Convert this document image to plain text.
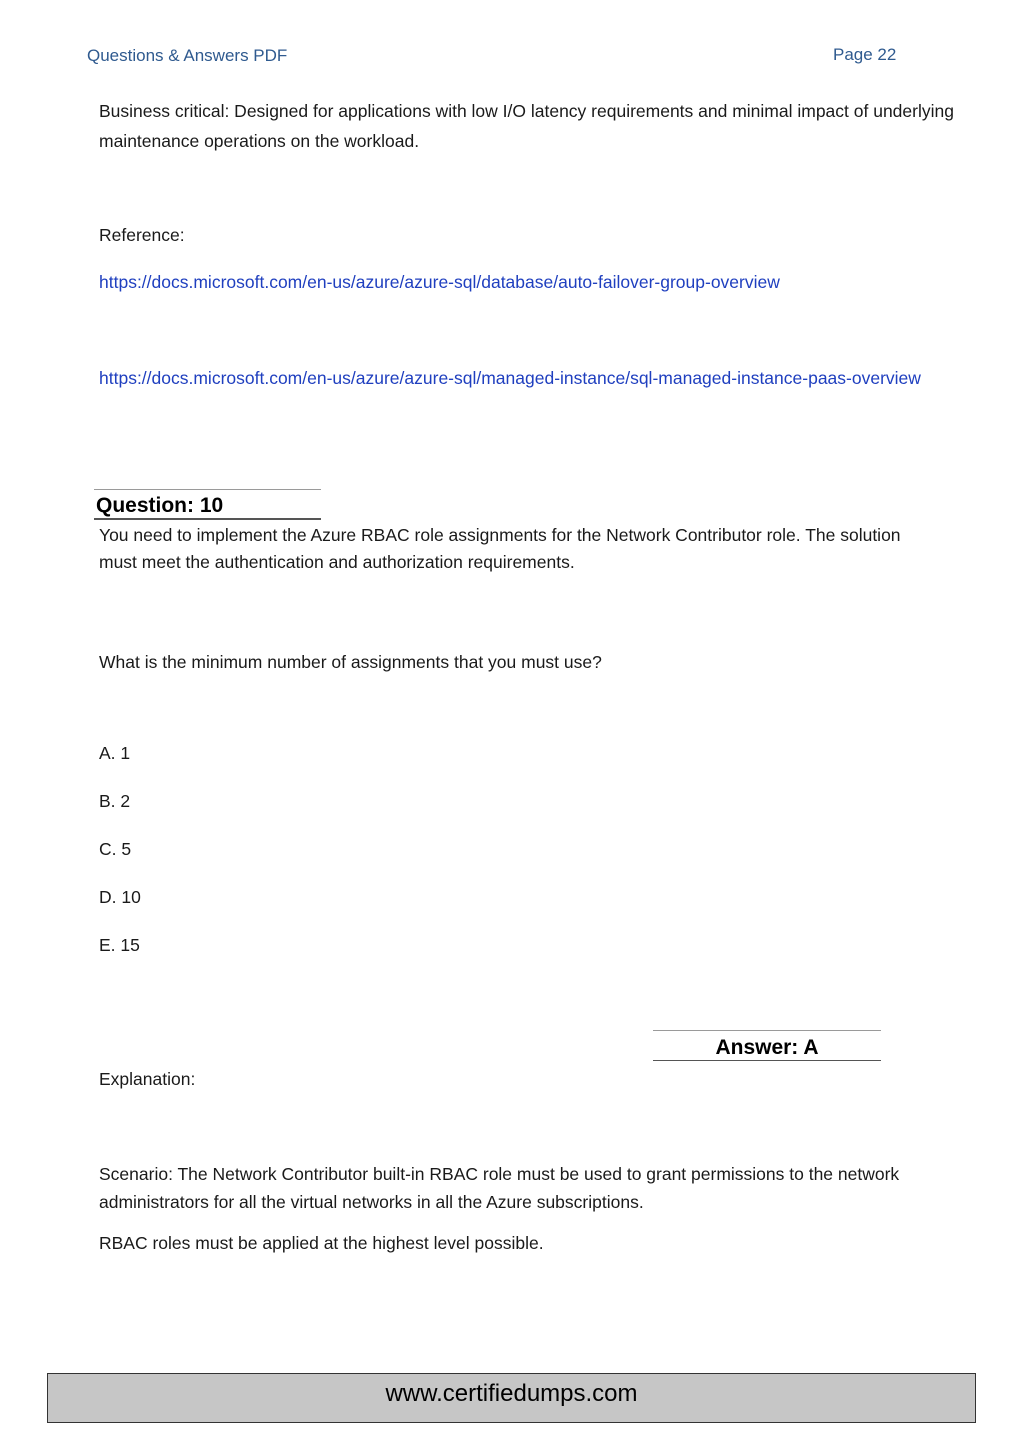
Questions & Answers PDF	Page 22
Business critical: Designed for applications with low I/O latency requirements and minimal impact of underlying maintenance operations on the workload.
Reference:
https://docs.microsoft.com/en-us/azure/azure-sql/database/auto-failover-group-overview
https://docs.microsoft.com/en-us/azure/azure-sql/managed-instance/sql-managed-instance-paas-overview
Question: 10
You need to implement the Azure RBAC role assignments for the Network Contributor role. The solution must meet the authentication and authorization requirements.
What is the minimum number of assignments that you must use?
A. 1
B. 2
C. 5
D. 10
E. 15
Answer: A
Explanation:
Scenario: The Network Contributor built-in RBAC role must be used to grant permissions to the network administrators for all the virtual networks in all the Azure subscriptions.
RBAC roles must be applied at the highest level possible.
www.certifiedumps.com
